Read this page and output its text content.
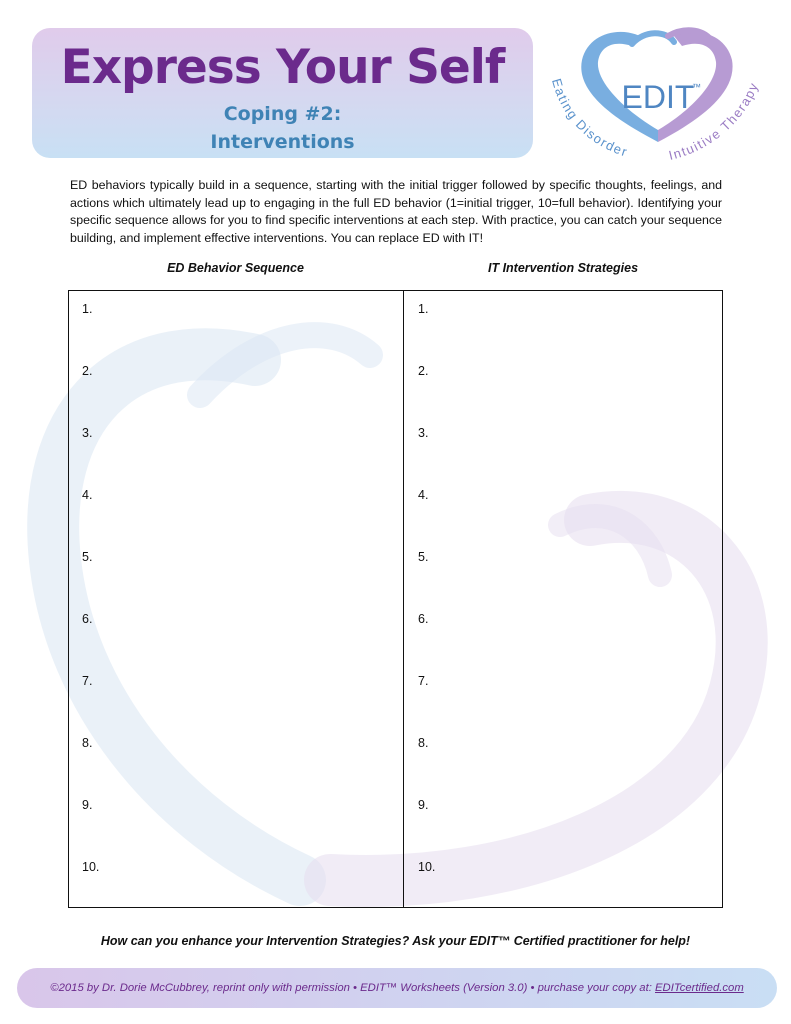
Express Your Self
Coping #2:
Interventions
EDIT
™
Eating Disorder	Intuitive Therapy
ED behaviors typically build in a sequence, starting with the initial trigger followed by specific thoughts, feelings, and actions which ultimately lead up to engaging in the full ED behavior (1=initial trigger, 10=full behavior). Identifying your specific sequence allows for you to find specific interventions at each step. With practice, you can catch your sequence building, and implement effective interventions. You can replace ED with IT!
ED Behavior Sequence	IT Intervention Strategies
1.
2.
3.
4.
5.
6.
7.
8.
9.
10.
1.
2.
3.
4.
5.
6.
7.
8.
9.
10.
How can you enhance your Intervention Strategies? Ask your EDIT™ Certified practitioner for help!
©2015 by Dr. Dorie McCubbrey, reprint only with permission • EDIT™ Worksheets (Version 3.0) • purchase your copy at: EDITcertified.com
